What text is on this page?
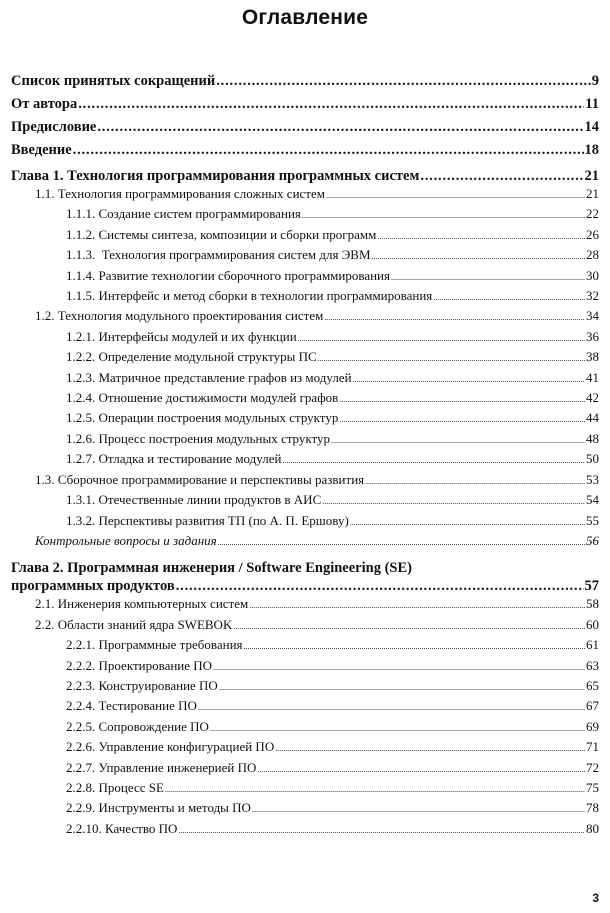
Оглавление
Список принятых сокращений .....	9
От автора .....	11
Предисловие .....	14
Введение .....	18
Глава 1. Технология программирования программных систем .....	21
1.1. Технология программирования сложных систем .....	21
1.1.1. Создание систем программирования .....	22
1.1.2. Системы синтеза, композиции и сборки программ .....	26
1.1.3.  Технология программирования систем для ЭВМ .....	28
1.1.4. Развитие технологии сборочного программирования .....	30
1.1.5. Интерфейс и метод сборки в технологии программирования .....	32
1.2. Технология модульного проектирования систем .....	34
1.2.1. Интерфейсы модулей и их функции .....	36
1.2.2. Определение модульной структуры ПС .....	38
1.2.3. Матричное представление графов из модулей .....	41
1.2.4. Отношение достижимости модулей графов .....	42
1.2.5. Операции построения модульных структур .....	44
1.2.6. Процесс построения модульных структур .....	48
1.2.7. Отладка и тестирование модулей .....	50
1.3. Сборочное программирование и перспективы развития .....	53
1.3.1. Отечественные линии продуктов в АИС .....	54
1.3.2. Перспективы развития ТП (по А. П. Ершову) .....	55
Контрольные вопросы и задания .....	56
Глава 2. Программная инженерия / Software Engineering (SE)
программных продуктов .....	57
2.1. Инженерия компьютерных систем .....	58
2.2. Области знаний ядра SWEBOK .....	60
2.2.1. Программные требования .....	61
2.2.2. Проектирование ПО .....	63
2.2.3. Конструирование ПО .....	65
2.2.4. Тестирование ПО .....	67
2.2.5. Сопровождение ПО .....	69
2.2.6. Управление конфигурацией ПО .....	71
2.2.7. Управление инженерией ПО .....	72
2.2.8. Процесс SE .....	75
2.2.9. Инструменты и методы ПО .....	78
2.2.10. Качество ПО .....	80
3
